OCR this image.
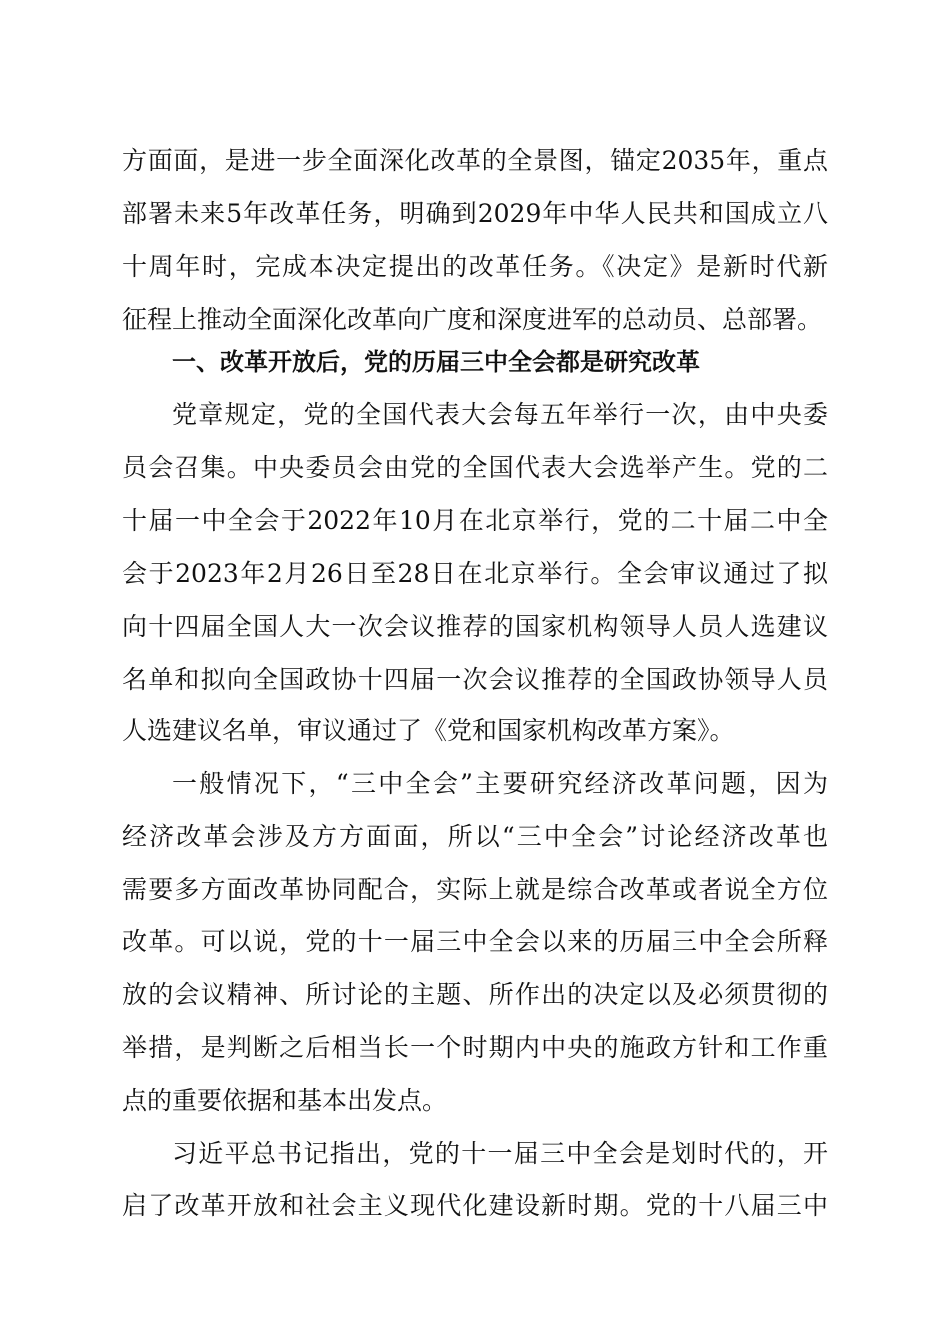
方面面，是进一步全面深化改革的全景图，锚定2035年，重点
部署未来5年改革任务，明确到2029年中华人民共和国成立八
十周年时，完成本决定提出的改革任务。《决定》是新时代新
征程上推动全面深化改革向广度和深度进军的总动员、总部署。
一、改革开放后，党的历届三中全会都是研究改革
党章规定，党的全国代表大会每五年举行一次，由中央委
员会召集。中央委员会由党的全国代表大会选举产生。党的二
十届一中全会于2022年10月在北京举行，党的二十届二中全
会于2023年2月26日至28日在北京举行。全会审议通过了拟
向十四届全国人大一次会议推荐的国家机构领导人员人选建议
名单和拟向全国政协十四届一次会议推荐的全国政协领导人员
人选建议名单，审议通过了《党和国家机构改革方案》。
一般情况下，“三中全会”主要研究经济改革问题，因为
经济改革会涉及方方面面，所以“三中全会”讨论经济改革也
需要多方面改革协同配合，实际上就是综合改革或者说全方位
改革。可以说，党的十一届三中全会以来的历届三中全会所释
放的会议精神、所讨论的主题、所作出的决定以及必须贯彻的
举措，是判断之后相当长一个时期内中央的施政方针和工作重
点的重要依据和基本出发点。
习近平总书记指出，党的十一届三中全会是划时代的，开
启了改革开放和社会主义现代化建设新时期。党的十八届三中
